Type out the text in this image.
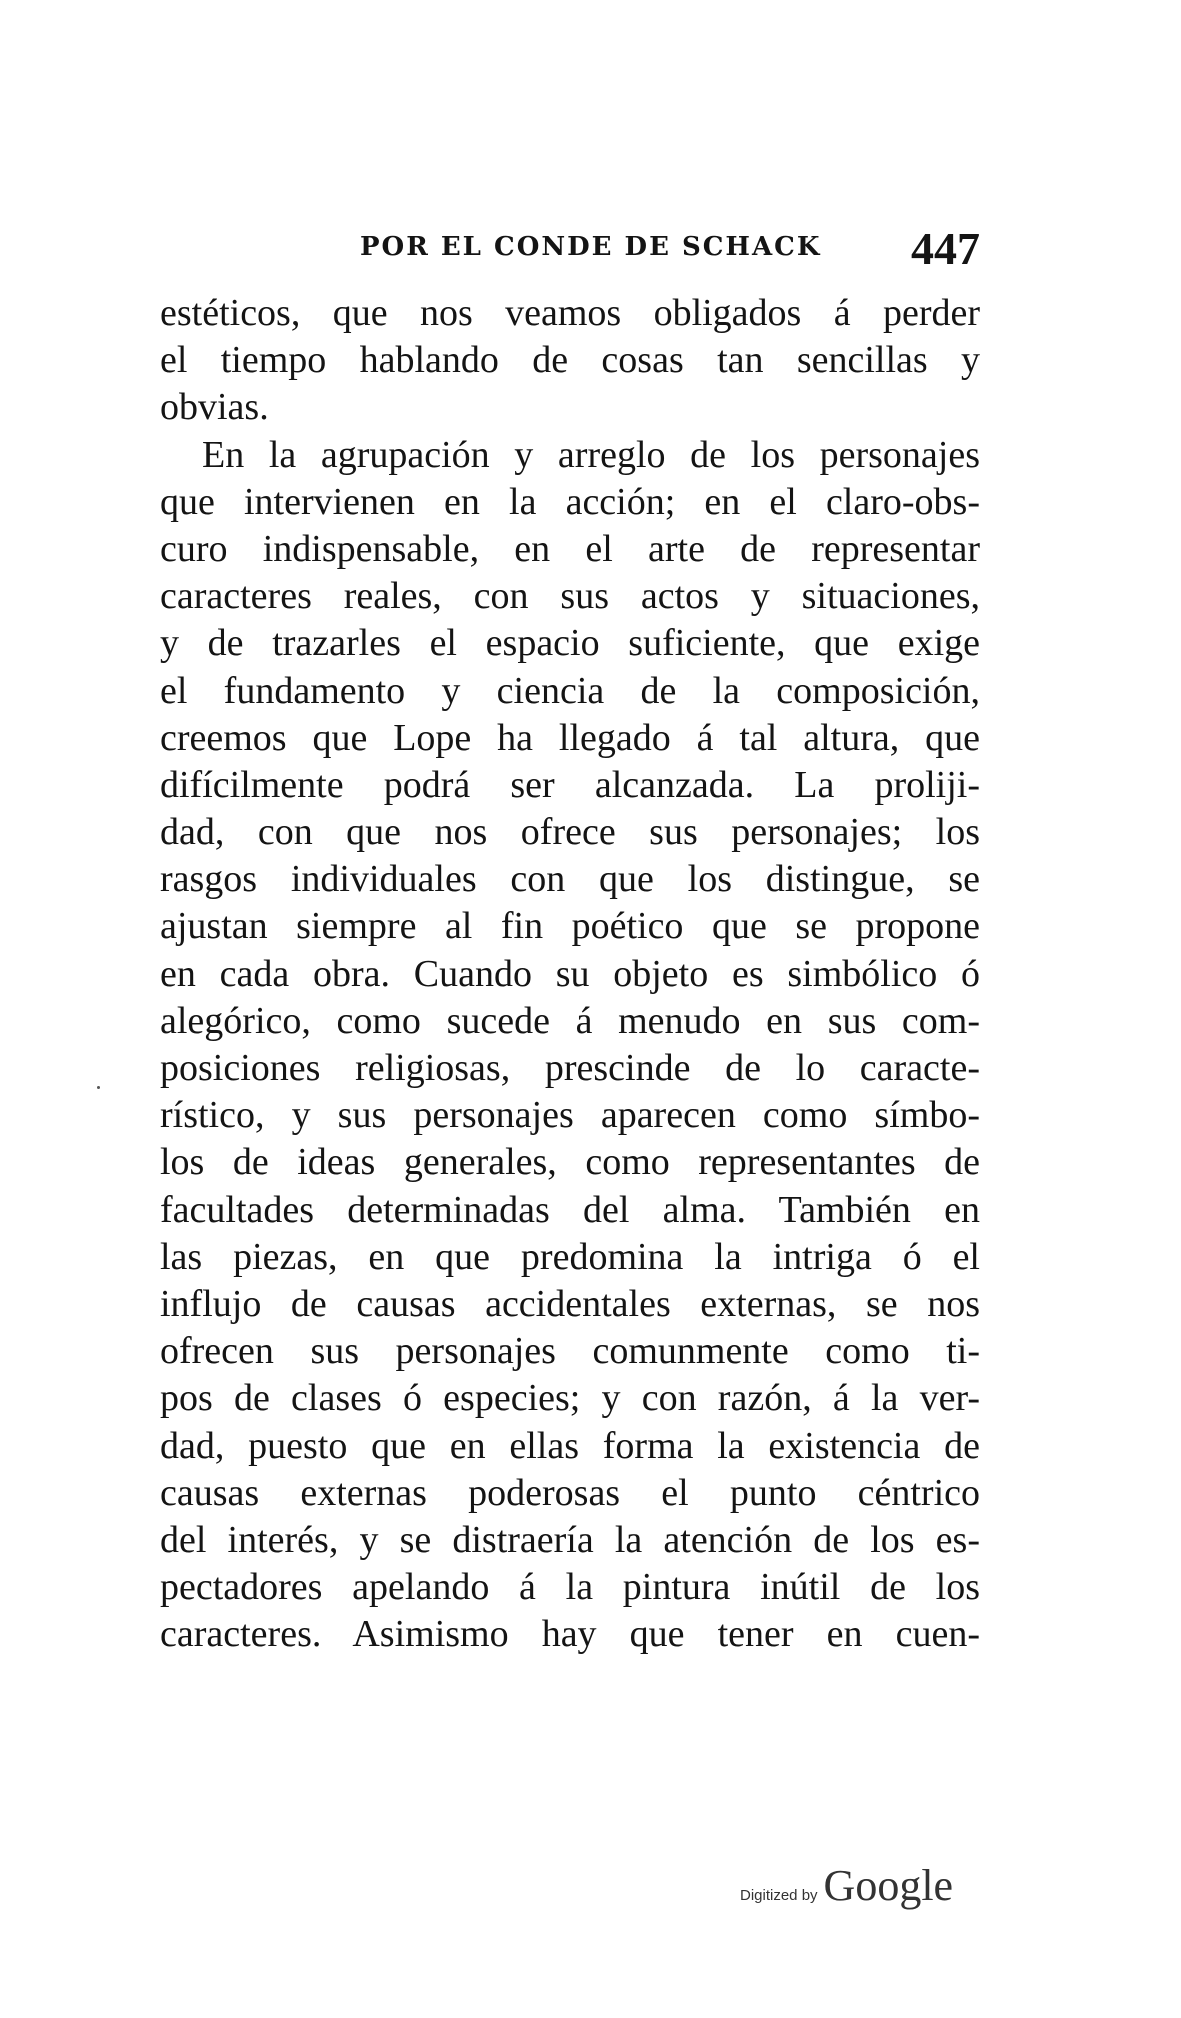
POR EL CONDE DE SCHACK 447
estéticos, que nos veamos obligados á perder
el tiempo hablando de cosas tan sencillas y
obvias.
En la agrupación y arreglo de los personajes
que intervienen en la acción; en el claro-obs-
curo indispensable, en el arte de representar
caracteres reales, con sus actos y situaciones,
y de trazarles el espacio suficiente, que exige
el fundamento y ciencia de la composición,
creemos que Lope ha llegado á tal altura, que
difícilmente podrá ser alcanzada. La proliji-
dad, con que nos ofrece sus personajes; los
rasgos individuales con que los distingue, se
ajustan siempre al fin poético que se propone
en cada obra. Cuando su objeto es simbólico ó
alegórico, como sucede á menudo en sus com-
posiciones religiosas, prescinde de lo caracte-
rístico, y sus personajes aparecen como símbo-
los de ideas generales, como representantes de
facultades determinadas del alma. También en
las piezas, en que predomina la intriga ó el
influjo de causas accidentales externas, se nos
ofrecen sus personajes comunmente como ti-
pos de clases ó especies; y con razón, á la ver-
dad, puesto que en ellas forma la existencia de
causas externas poderosas el punto céntrico
del interés, y se distraería la atención de los es-
pectadores apelando á la pintura inútil de los
caracteres. Asimismo hay que tener en cuen-
Digitized by Google
